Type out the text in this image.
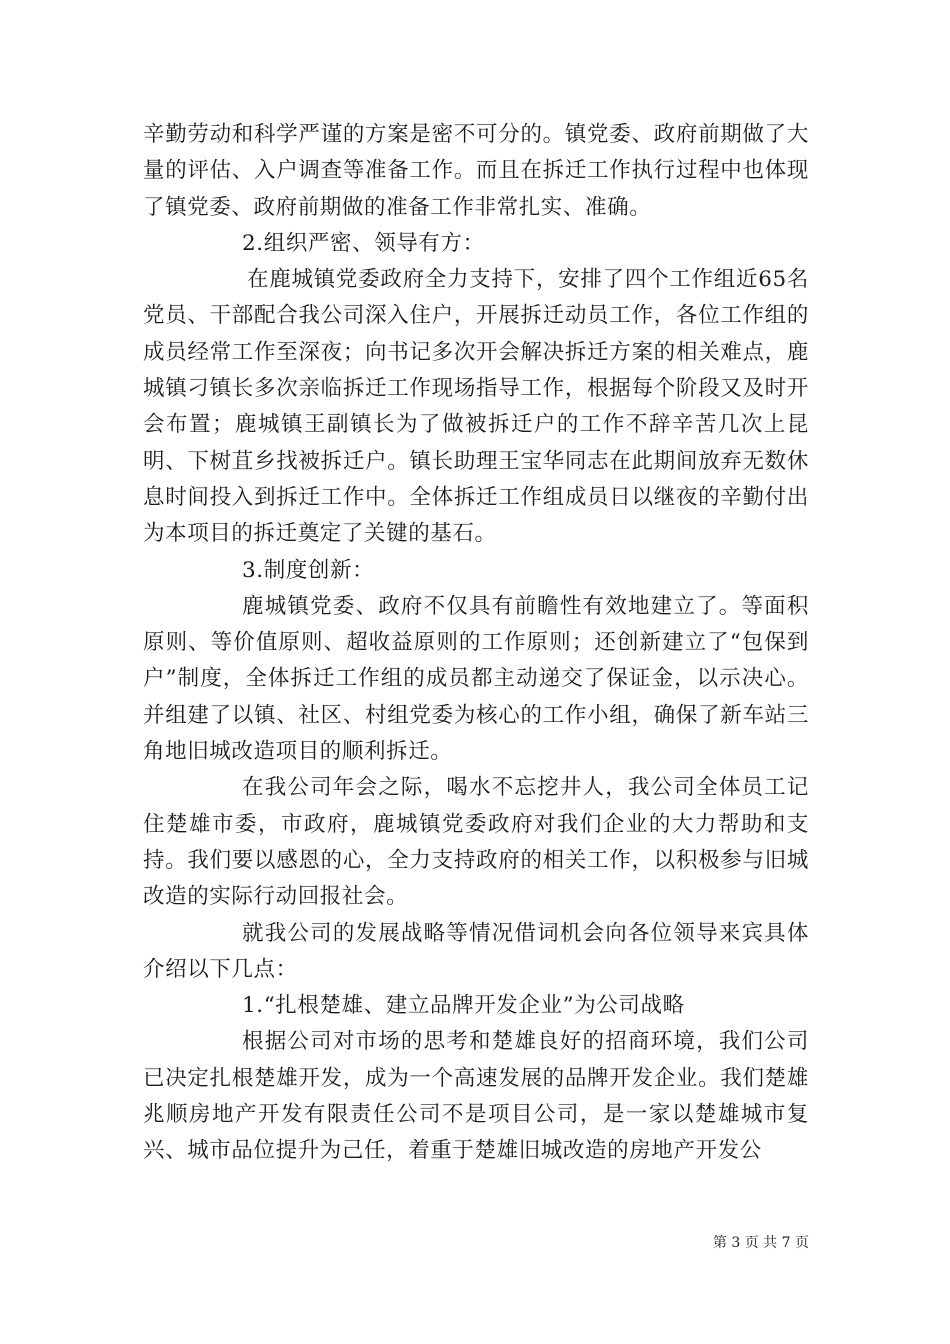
辛勤劳动和科学严谨的方案是密不可分的。镇党委、政府前期做了大量的评估、入户调查等准备工作。而且在拆迁工作执行过程中也体现了镇党委、政府前期做的准备工作非常扎实、准确。

2.组织严密、领导有方：

在鹿城镇党委政府全力支持下，安排了四个工作组近65名党员、干部配合我公司深入住户，开展拆迁动员工作，各位工作组的成员经常工作至深夜；向书记多次开会解决拆迁方案的相关难点，鹿城镇刁镇长多次亲临拆迁工作现场指导工作，根据每个阶段又及时开会布置；鹿城镇王副镇长为了做被拆迁户的工作不辞辛苦几次上昆明、下树苴乡找被拆迁户。镇长助理王宝华同志在此期间放弃无数休息时间投入到拆迁工作中。全体拆迁工作组成员日以继夜的辛勤付出为本项目的拆迁奠定了关键的基石。

3.制度创新：

鹿城镇党委、政府不仅具有前瞻性有效地建立了。等面积原则、等价值原则、超收益原则的工作原则；还创新建立了“包保到户”制度，全体拆迁工作组的成员都主动递交了保证金，以示决心。并组建了以镇、社区、村组党委为核心的工作小组，确保了新车站三角地旧城改造项目的顺利拆迁。

在我公司年会之际，喝水不忘挖井人，我公司全体员工记住楚雄市委，市政府，鹿城镇党委政府对我们企业的大力帮助和支持。我们要以感恩的心，全力支持政府的相关工作，以积极参与旧城改造的实际行动回报社会。

就我公司的发展战略等情况借词机会向各位领导来宾具体介绍以下几点：

1.“扎根楚雄、建立品牌开发企业”为公司战略

根据公司对市场的思考和楚雄良好的招商环境，我们公司已决定扎根楚雄开发，成为一个高速发展的品牌开发企业。我们楚雄兆顺房地产开发有限责任公司不是项目公司，是一家以楚雄城市复兴、城市品位提升为己任，着重于楚雄旧城改造的房地产开发公

第 3 页 共 7 页
